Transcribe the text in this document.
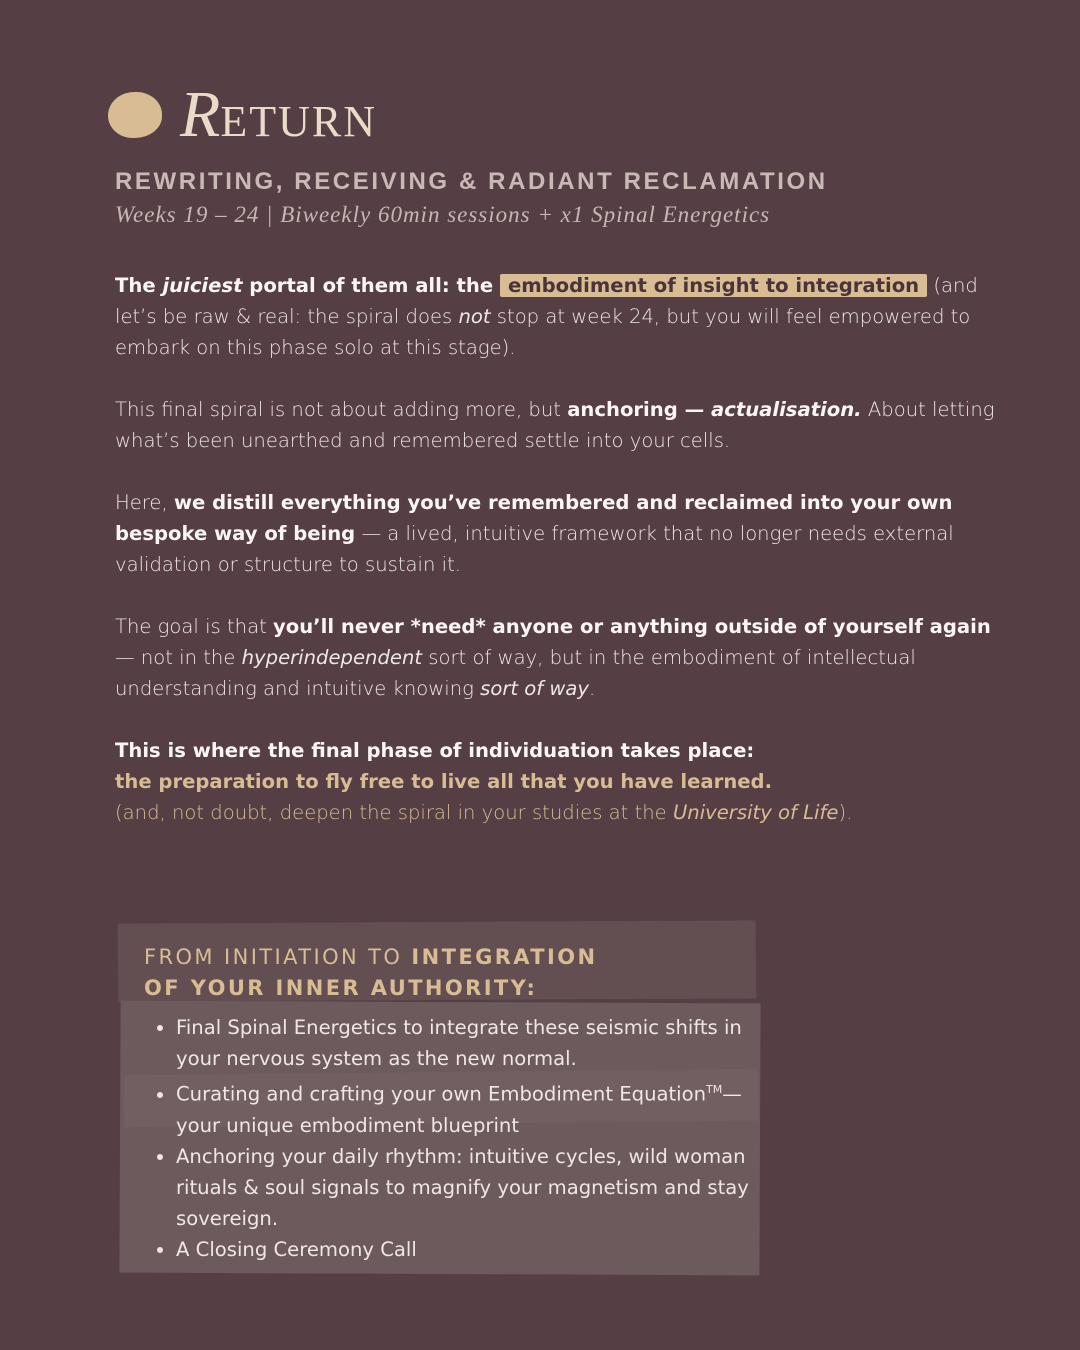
RETURN
REWRITING, RECEIVING & RADIANT RECLAMATION
Weeks 19 – 24 | Biweekly 60min sessions + x1 Spinal Energetics

The juiciest portal of them all: the embodiment of insight to integration (and let’s be raw & real: the spiral does not stop at week 24, but you will feel empowered to embark on this phase solo at this stage).

This final spiral is not about adding more, but anchoring — actualisation. About letting what’s been unearthed and remembered settle into your cells.

Here, we distill everything you’ve remembered and reclaimed into your own bespoke way of being — a lived, intuitive framework that no longer needs external validation or structure to sustain it.

The goal is that you’ll never *need* anyone or anything outside of yourself again — not in the hyperindependent sort of way, but in the embodiment of intellectual understanding and intuitive knowing sort of way.

This is where the final phase of individuation takes place:
the preparation to fly free to live all that you have learned.
(and, not doubt, deepen the spiral in your studies at the University of Life).

FROM INITIATION TO INTEGRATION
OF YOUR INNER AUTHORITY:
• Final Spinal Energetics to integrate these seismic shifts in your nervous system as the new normal.
• Curating and crafting your own Embodiment Equation™— your unique embodiment blueprint
• Anchoring your daily rhythm: intuitive cycles, wild woman rituals & soul signals to magnify your magnetism and stay sovereign.
• A Closing Ceremony Call
